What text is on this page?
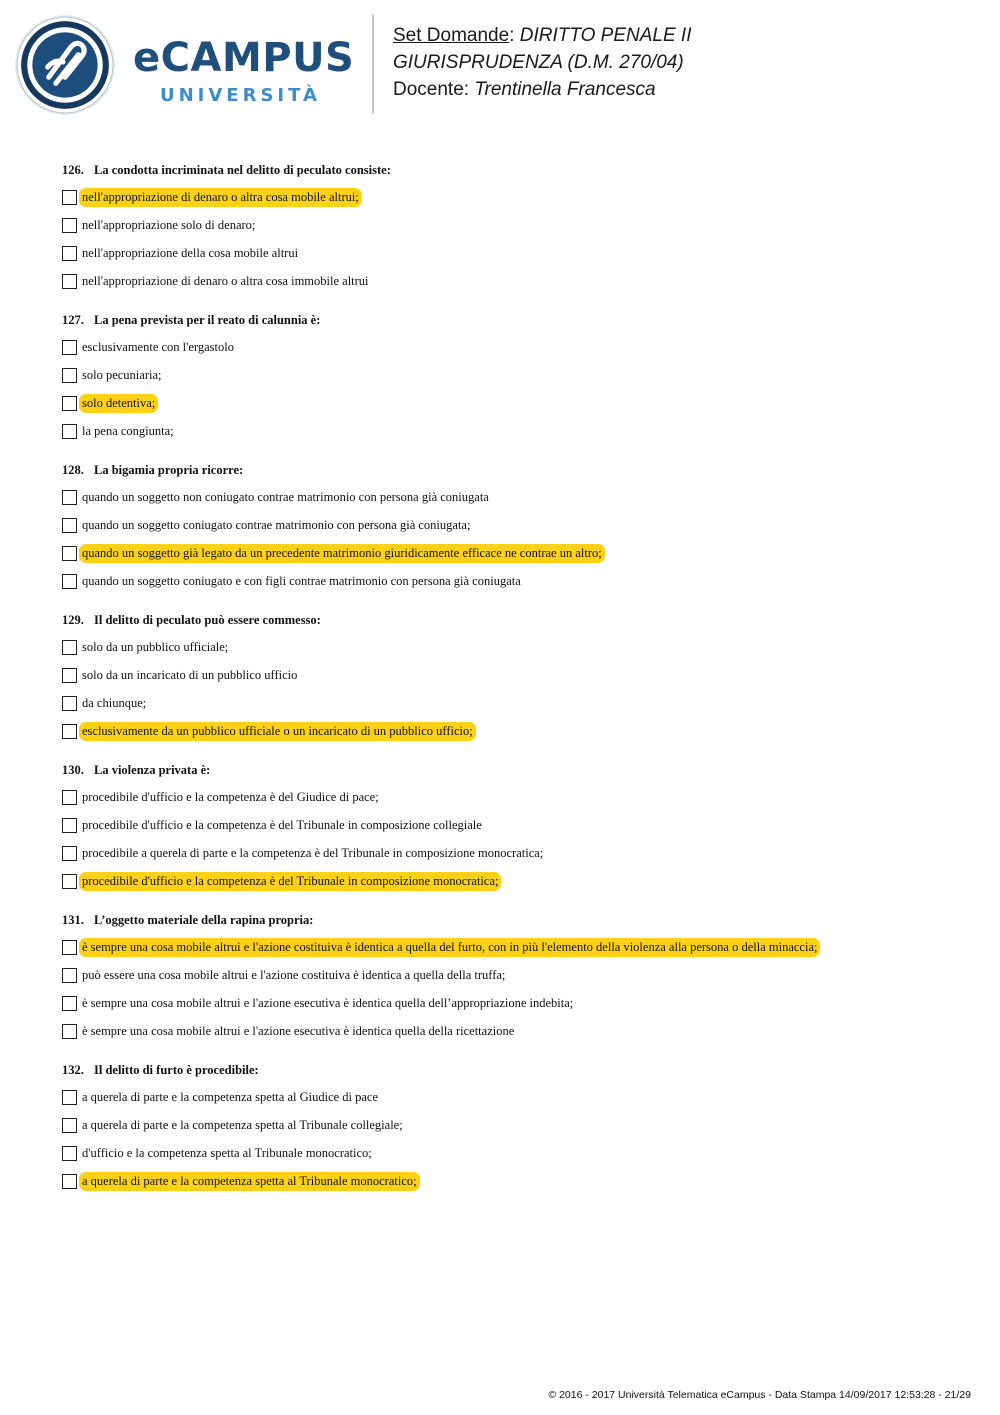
eCAMPUS
UNIVERSITÀ
Set Domande: DIRITTO PENALE II
GIURISPRUDENZA (D.M. 270/04)
Docente: Trentinella Francesca
126. La condotta incriminata nel delitto di peculato consiste:
nell'appropriazione di denaro o altra cosa mobile altrui;
nell'appropriazione solo di denaro;
nell'appropriazione della cosa mobile altrui
nell'appropriazione di denaro o altra cosa immobile altrui
127. La pena prevista per il reato di calunnia è:
esclusivamente con l'ergastolo
solo pecuniaria;
solo detentiva;
la pena congiunta;
128. La bigamia propria ricorre:
quando un soggetto non coniugato contrae matrimonio con persona già coniugata
quando un soggetto coniugato contrae matrimonio con persona già coniugata;
quando un soggetto già legato da un precedente matrimonio giuridicamente efficace ne contrae un altro;
quando un soggetto coniugato e con figli contrae matrimonio con persona già coniugata
129. Il delitto di peculato può essere commesso:
solo da un pubblico ufficiale;
solo da un incaricato di un pubblico ufficio
da chiunque;
esclusivamente da un pubblico ufficiale o un incaricato di un pubblico ufficio;
130. La violenza privata è:
procedibile d'ufficio e la competenza è del Giudice di pace;
procedibile d'ufficio e la competenza è del Tribunale in composizione collegiale
procedibile a querela di parte e la competenza è del Tribunale in composizione monocratica;
procedibile d'ufficio e la competenza è del Tribunale in composizione monocratica;
131. L’oggetto materiale della rapina propria:
è sempre una cosa mobile altrui e l'azione costituiva è identica a quella del furto, con in più l'elemento della violenza alla persona o della minaccia;
può essere una cosa mobile altrui e l'azione costituiva è identica a quella della truffa;
è sempre una cosa mobile altrui e l'azione esecutiva è identica quella dell’appropriazione indebita;
è sempre una cosa mobile altrui e l'azione esecutiva è identica quella della ricettazione
132. Il delitto di furto è procedibile:
a querela di parte e la competenza spetta al Giudice di pace
a querela di parte e la competenza spetta al Tribunale collegiale;
d'ufficio e la competenza spetta al Tribunale monocratico;
a querela di parte e la competenza spetta al Tribunale monocratico;
© 2016 - 2017 Università Telematica eCampus - Data Stampa 14/09/2017 12:53:28 - 21/29
